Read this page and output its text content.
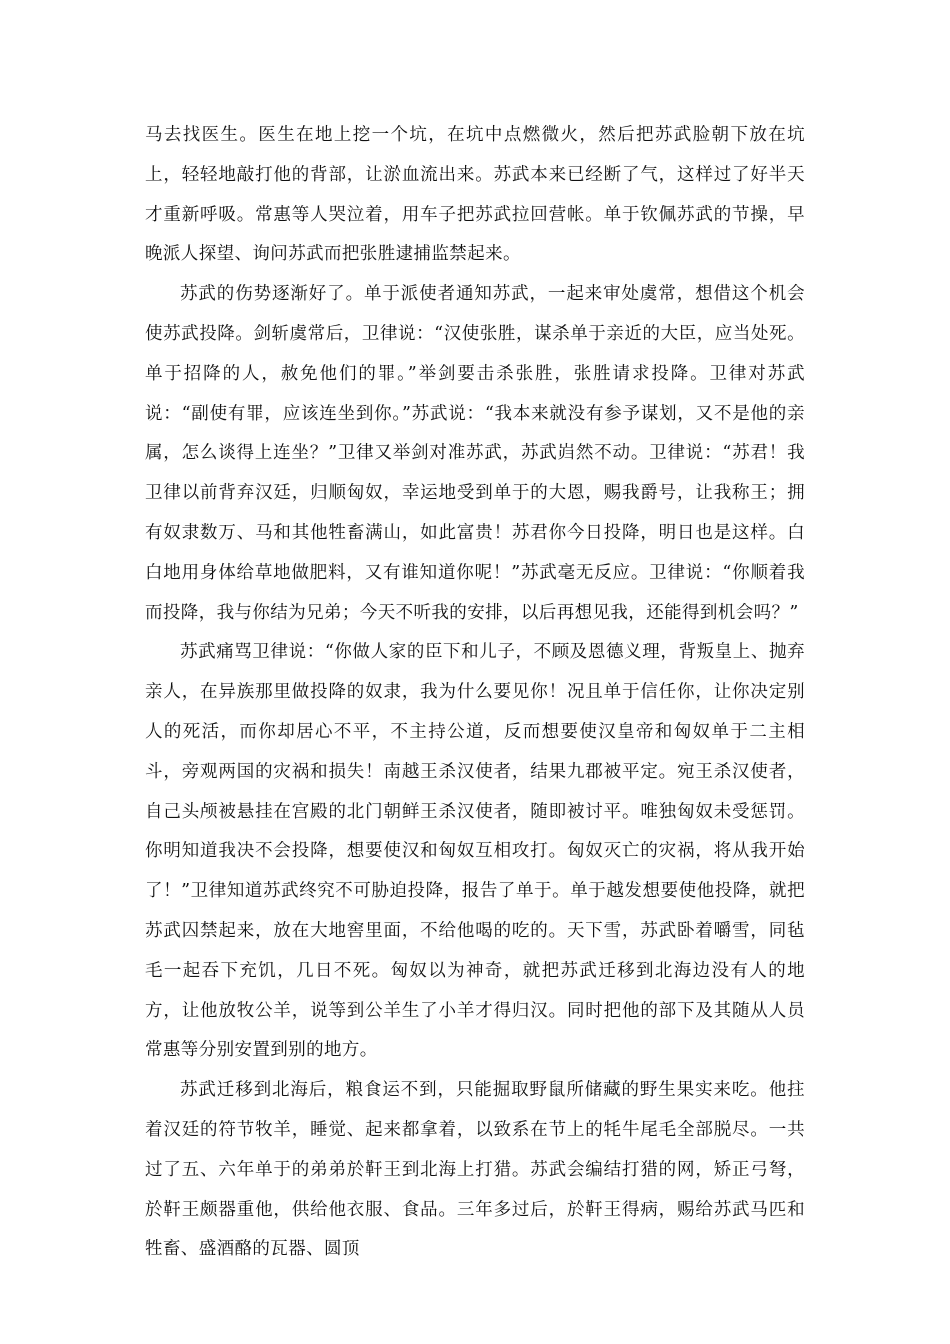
马去找医生。医生在地上挖一个坑，在坑中点燃微火，然后把苏武脸朝下放在坑上，轻轻地敲打他的背部，让淤血流出来。苏武本来已经断了气，这样过了好半天才重新呼吸。常惠等人哭泣着，用车子把苏武拉回营帐。单于钦佩苏武的节操，早晚派人探望、询问苏武而把张胜逮捕监禁起来。

苏武的伤势逐渐好了。单于派使者通知苏武，一起来审处虞常，想借这个机会使苏武投降。剑斩虞常后，卫律说：“汉使张胜，谋杀单于亲近的大臣，应当处死。单于招降的人，赦免他们的罪。”举剑要击杀张胜，张胜请求投降。卫律对苏武说：“副使有罪，应该连坐到你。”苏武说：“我本来就没有参予谋划，又不是他的亲属，怎么谈得上连坐？”卫律又举剑对准苏武，苏武岿然不动。卫律说：“苏君！我卫律以前背弃汉廷，归顺匈奴，幸运地受到单于的大恩，赐我爵号，让我称王；拥有奴隶数万、马和其他牲畜满山，如此富贵！苏君你今日投降，明日也是这样。白白地用身体给草地做肥料，又有谁知道你呢！”苏武毫无反应。卫律说：“你顺着我而投降，我与你结为兄弟；今天不听我的安排，以后再想见我，还能得到机会吗？”

苏武痛骂卫律说：“你做人家的臣下和儿子，不顾及恩德义理，背叛皇上、抛弃亲人，在异族那里做投降的奴隶，我为什么要见你！况且单于信任你，让你决定别人的死活，而你却居心不平，不主持公道，反而想要使汉皇帝和匈奴单于二主相斗，旁观两国的灾祸和损失！南越王杀汉使者，结果九郡被平定。宛王杀汉使者，自己头颅被悬挂在宫殿的北门朝鲜王杀汉使者，随即被讨平。唯独匈奴未受惩罚。你明知道我决不会投降，想要使汉和匈奴互相攻打。匈奴灭亡的灾祸，将从我开始了！”卫律知道苏武终究不可胁迫投降，报告了单于。单于越发想要使他投降，就把苏武囚禁起来，放在大地窖里面，不给他喝的吃的。天下雪，苏武卧着嚼雪，同毡毛一起吞下充饥，几日不死。匈奴以为神奇，就把苏武迁移到北海边没有人的地方，让他放牧公羊，说等到公羊生了小羊才得归汉。同时把他的部下及其随从人员常惠等分别安置到别的地方。

苏武迁移到北海后，粮食运不到，只能掘取野鼠所储藏的野生果实来吃。他拄着汉廷的符节牧羊，睡觉、起来都拿着，以致系在节上的牦牛尾毛全部脱尽。一共过了五、六年单于的弟弟於靬王到北海上打猎。苏武会编结打猎的网，矫正弓弩，於靬王颇器重他，供给他衣服、食品。三年多过后，於靬王得病，赐给苏武马匹和牲畜、盛酒酪的瓦器、圆顶
